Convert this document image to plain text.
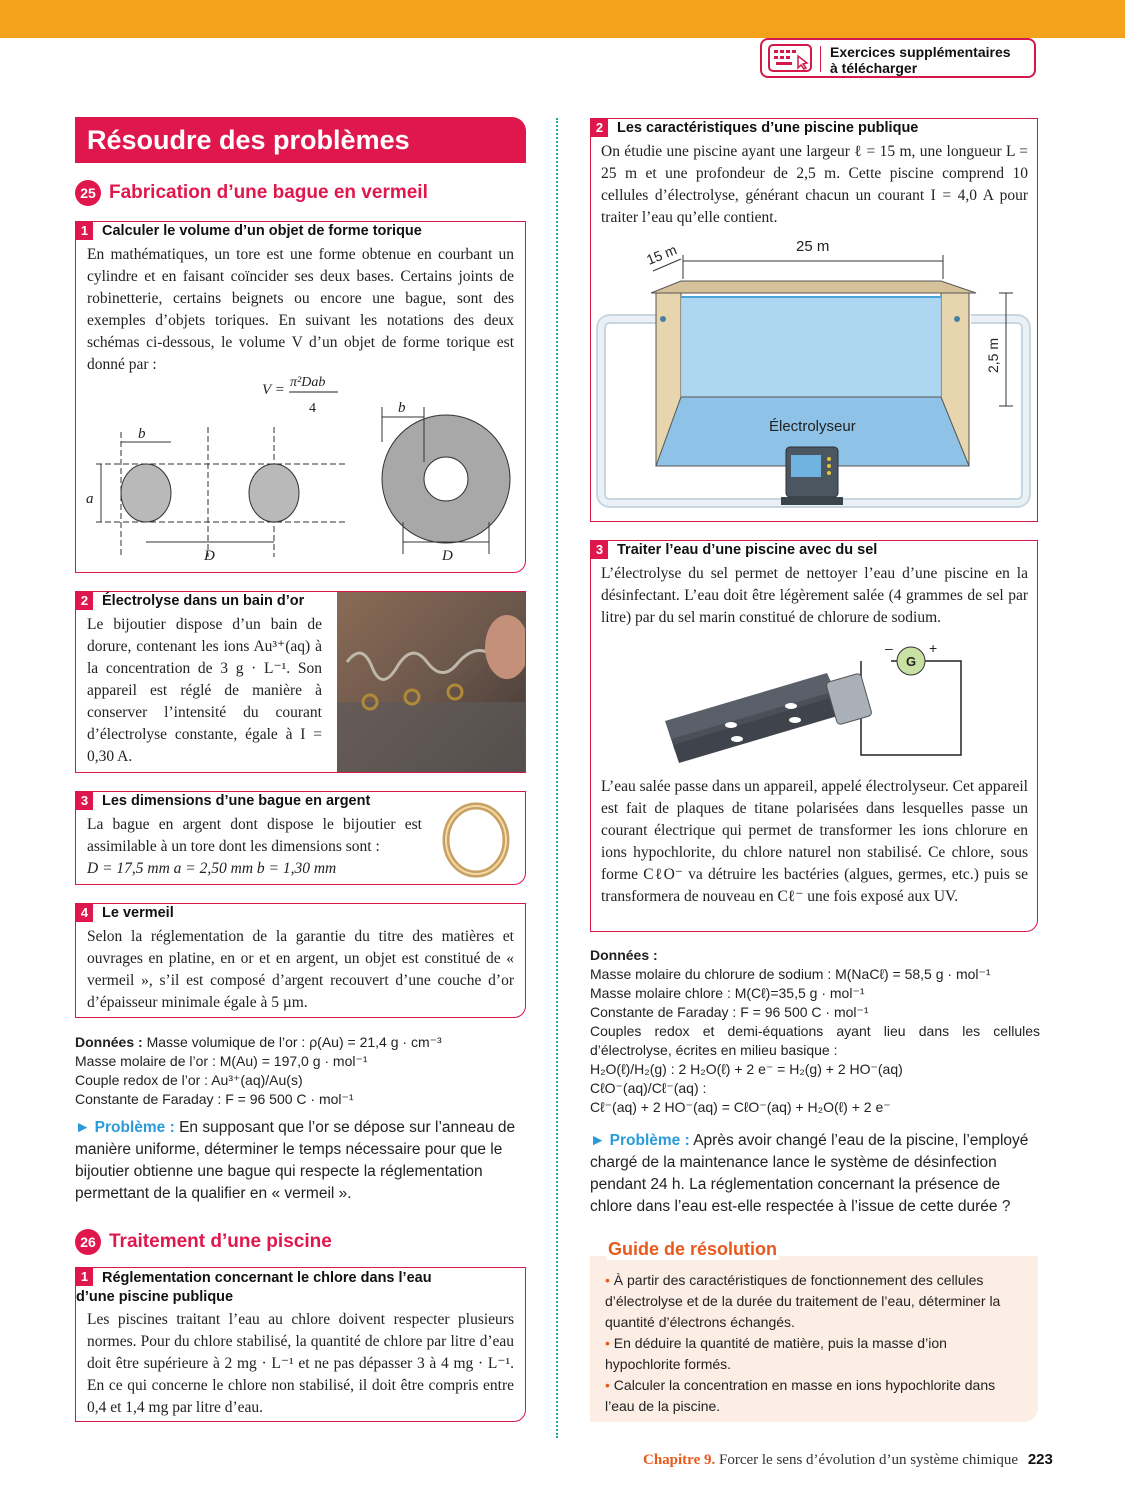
Exercices supplémentaires
à télécharger
Résoudre des problèmes
25 Fabrication d’une bague en vermeil
1 Calculer le volume d’un objet de forme torique
En mathématiques, un tore est une forme obtenue en courbant un cylindre et en faisant coïncider ses deux bases. Certains joints de robinetterie, certains beignets ou encore une bague, sont des exemples d’objets toriques. En suivant les notations des deux schémas ci-dessous, le volume V d’un objet de forme torique est donné par :
V = π²Dab
4
b
a
D
b
D
2 Électrolyse dans un bain d’or
Le bijoutier dispose d’un bain de dorure, contenant les ions Au³⁺(aq) à la concentration de 3 g · L⁻¹. Son appareil est réglé de manière à conserver l’intensité du courant d’électrolyse constante, égale à I = 0,30 A.
3 Les dimensions d’une bague en argent
La bague en argent dont dispose le bijoutier est assimilable à un tore dont les dimensions sont :
D = 17,5 mm a = 2,50 mm b = 1,30 mm
4 Le vermeil
Selon la réglementation de la garantie du titre des matières et ouvrages en platine, en or et en argent, un objet est constitué de « vermeil », s’il est composé d’argent recouvert d’une couche d’or d’épaisseur minimale égale à 5 µm.
Données : Masse volumique de l’or : ρ(Au) = 21,4 g · cm⁻³
Masse molaire de l’or : M(Au) = 197,0 g · mol⁻¹
Couple redox de l’or : Au³⁺(aq)/Au(s)
Constante de Faraday : F = 96 500 C · mol⁻¹
► Problème : En supposant que l’or se dépose sur l’anneau de manière uniforme, déterminer le temps nécessaire pour que le bijoutier obtienne une bague qui respecte la réglementation permettant de la qualifier en « vermeil ».
26 Traitement d’une piscine
1 Réglementation concernant le chlore dans l’eau
d’une piscine publique
Les piscines traitant l’eau au chlore doivent respecter plusieurs normes. Pour du chlore stabilisé, la quantité de chlore par litre d’eau doit être supérieure à 2 mg · L⁻¹ et ne pas dépasser 3 à 4 mg · L⁻¹. En ce qui concerne le chlore non stabilisé, il doit être compris entre 0,4 et 1,4 mg par litre d’eau.
2 Les caractéristiques d’une piscine publique
On étudie une piscine ayant une largeur ℓ = 15 m, une longueur L = 25 m et une profondeur de 2,5 m. Cette piscine comprend 10 cellules d’électrolyse, générant chacun un courant I = 4,0 A pour traiter l’eau qu’elle contient.
25 m
15 m
2,5 m
Électrolyseur
3 Traiter l’eau d’une piscine avec du sel
L’électrolyse du sel permet de nettoyer l’eau d’une piscine en la désinfectant. L’eau doit être légèrement salée (4 grammes de sel par litre) par du sel marin constitué de chlorure de sodium.
G
–	+
L’eau salée passe dans un appareil, appelé électrolyseur. Cet appareil est fait de plaques de titane polarisées dans lesquelles passe un courant électrique qui permet de transformer les ions chlorure en ions hypochlorite, du chlore naturel non stabilisé. Ce chlore, sous forme CℓO⁻ va détruire les bactéries (algues, germes, etc.) puis se transformera de nouveau en Cℓ⁻ une fois exposé aux UV.
Données :
Masse molaire du chlorure de sodium : M(NaCℓ) = 58,5 g · mol⁻¹
Masse molaire chlore : M(Cℓ)=35,5 g · mol⁻¹
Constante de Faraday : F = 96 500 C · mol⁻¹
Couples redox et demi-équations ayant lieu dans les cellules d’électrolyse, écrites en milieu basique :
H₂O(ℓ)/H₂(g) : 2 H₂O(ℓ) + 2 e⁻ = H₂(g) + 2 HO⁻(aq)
CℓO⁻(aq)/Cℓ⁻(aq) :
Cℓ⁻(aq) + 2 HO⁻(aq) = CℓO⁻(aq) + H₂O(ℓ) + 2 e⁻
► Problème : Après avoir changé l’eau de la piscine, l’employé chargé de la maintenance lance le système de désinfection pendant 24 h. La réglementation concernant la présence de chlore dans l’eau est-elle respectée à l’issue de cette durée ?
Guide de résolution
• À partir des caractéristiques de fonctionnement des cellules d’électrolyse et de la durée du traitement de l’eau, déterminer la quantité d’électrons échangés.
• En déduire la quantité de matière, puis la masse d’ion hypochlorite formés.
• Calculer la concentration en masse en ions hypochlorite dans l’eau de la piscine.
Chapitre 9. Forcer le sens d’évolution d’un système chimique 223
